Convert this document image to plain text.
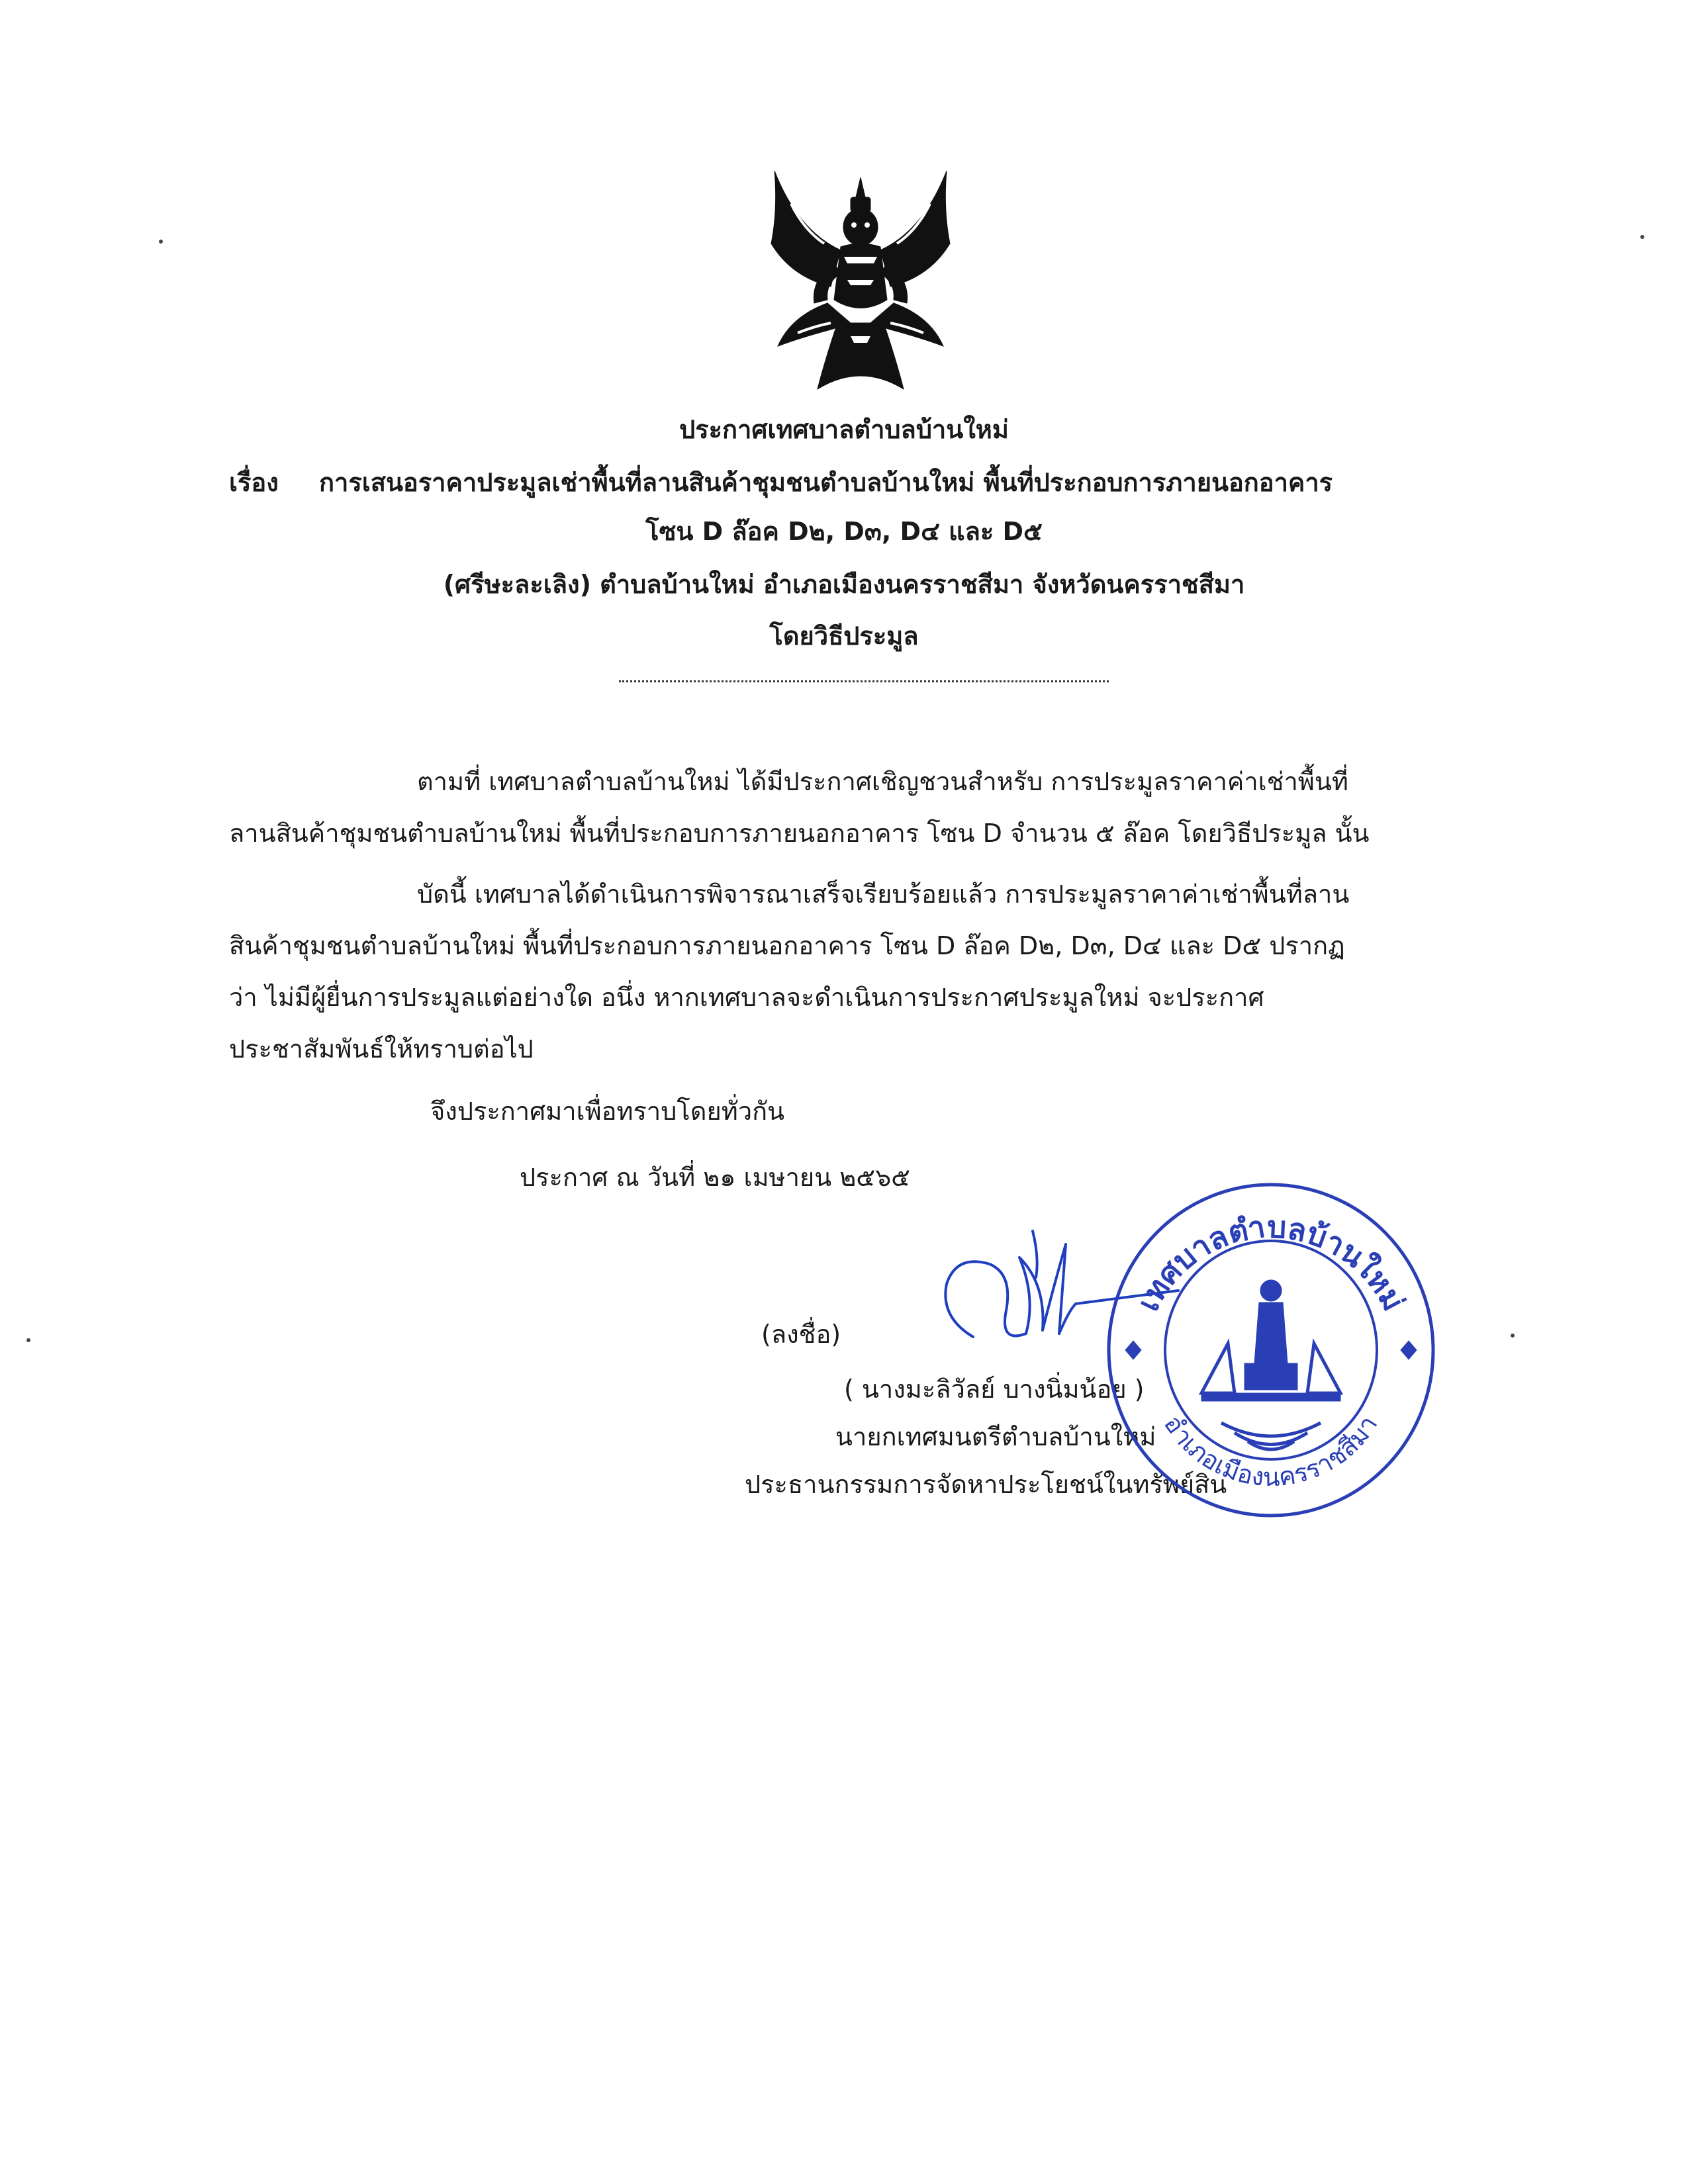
ประกาศเทศบาลตำบลบ้านใหม่
เรื่อง การเสนอราคาประมูลเช่าพื้นที่ลานสินค้าชุมชนตำบลบ้านใหม่ พื้นที่ประกอบการภายนอกอาคาร
โซน D ล๊อค D๒, D๓, D๔ และ D๕
(ศรีษะละเลิง) ตำบลบ้านใหม่ อำเภอเมืองนครราชสีมา จังหวัดนครราชสีมา
โดยวิธีประมูล
ตามที่ เทศบาลตำบลบ้านใหม่ ได้มีประกาศเชิญชวนสำหรับ การประมูลราคาค่าเช่าพื้นที่
ลานสินค้าชุมชนตำบลบ้านใหม่ พื้นที่ประกอบการภายนอกอาคาร โซน D จำนวน ๕ ล๊อค โดยวิธีประมูล นั้น
บัดนี้ เทศบาลได้ดำเนินการพิจารณาเสร็จเรียบร้อยแล้ว การประมูลราคาค่าเช่าพื้นที่ลาน
สินค้าชุมชนตำบลบ้านใหม่ พื้นที่ประกอบการภายนอกอาคาร โซน D ล๊อค D๒, D๓, D๔ และ D๕ ปรากฏ
ว่า ไม่มีผู้ยื่นการประมูลแต่อย่างใด อนึ่ง หากเทศบาลจะดำเนินการประกาศประมูลใหม่ จะประกาศ
ประชาสัมพันธ์ให้ทราบต่อไป
จึงประกาศมาเพื่อทราบโดยทั่วกัน
ประกาศ ณ วันที่ ๒๑ เมษายน ๒๕๖๕
(ลงชื่อ)
( นางมะลิวัลย์ บางนิ่มน้อย )
นายกเทศมนตรีตำบลบ้านใหม่
ประธานกรรมการจัดหาประโยชน์ในทรัพย์สิน
เทศบาลตำบลบ้านใหม่
อำเภอเมืองนครราชสีมา
